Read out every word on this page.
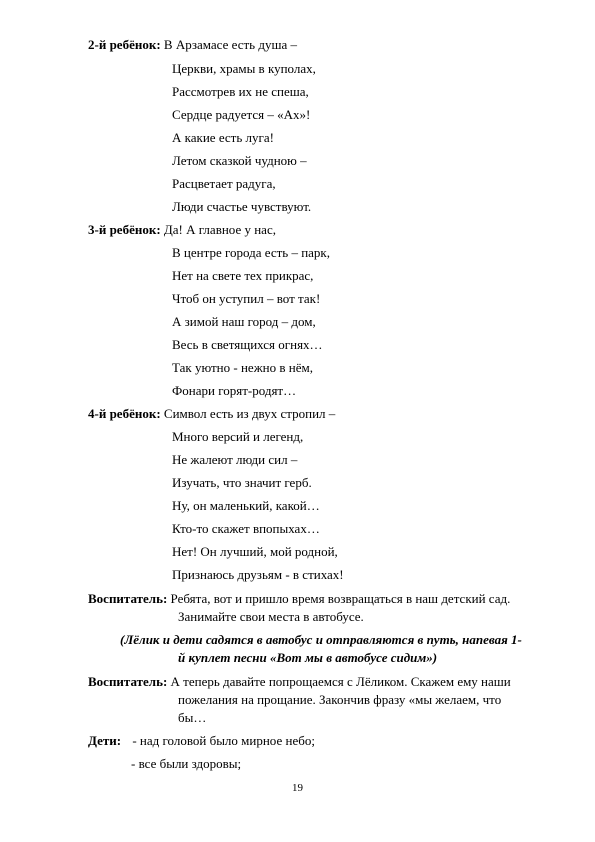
2-й ребёнок: В Арзамасе есть душа –
Церкви, храмы в куполах,
Рассмотрев их не спеша,
Сердце радуется – «Ах»!
А какие есть луга!
Летом сказкой чудною –
Расцветает радуга,
Люди счастье чувствуют.
3-й ребёнок: Да! А главное у нас,
В центре города есть – парк,
Нет на свете тех прикрас,
Чтоб он уступил – вот так!
А зимой наш город – дом,
Весь в светящихся огнях…
Так уютно - нежно в нём,
Фонари горят-родят…
4-й ребёнок: Символ есть из двух стропил –
Много версий и легенд,
Не жалеют люди сил –
Изучать, что значит герб.
Ну, он маленький, какой…
Кто-то скажет впопыхах…
Нет! Он лучший, мой родной,
Признаюсь друзьям - в стихах!
Воспитатель: Ребята, вот и пришло время возвращаться в наш детский сад.
Занимайте свои места в автобусе.
(Лёлик и дети садятся в автобус и отправляются в путь, напевая 1-
й куплет песни «Вот мы в автобусе сидим»)
Воспитатель: А теперь давайте попрощаемся с Лёликом. Скажем ему наши
пожелания на прощание. Закончив фразу «мы желаем, что
бы…
Дети: - над головой было мирное небо;
- все были здоровы;
19
